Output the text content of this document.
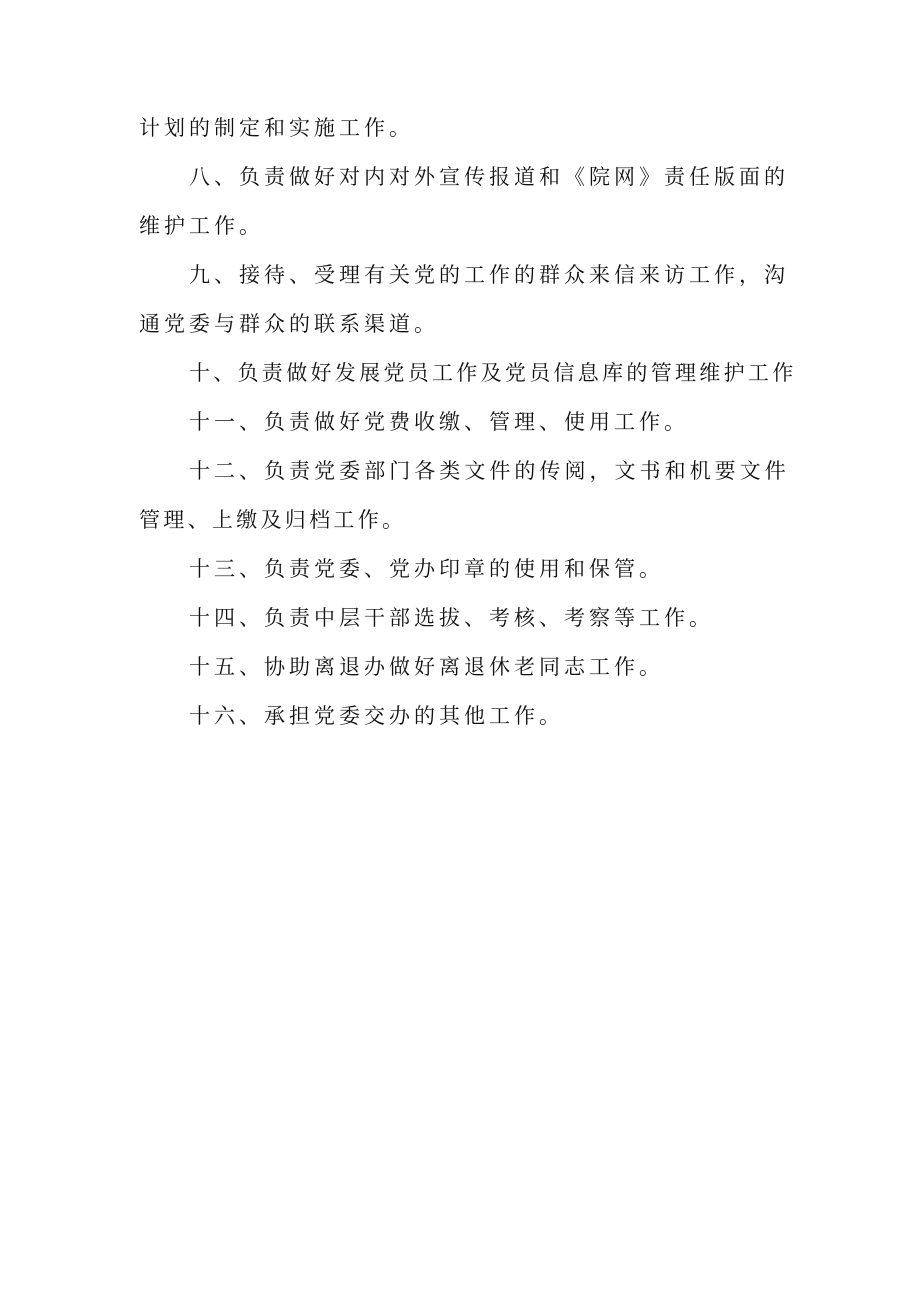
计划的制定和实施工作。

八、负责做好对内对外宣传报道和《院网》责任版面的维护工作。

九、接待、受理有关党的工作的群众来信来访工作，沟通党委与群众的联系渠道。

十、负责做好发展党员工作及党员信息库的管理维护工作

十一、负责做好党费收缴、管理、使用工作。

十二、负责党委部门各类文件的传阅，文书和机要文件管理、上缴及归档工作。

十三、负责党委、党办印章的使用和保管。

十四、负责中层干部选拔、考核、考察等工作。

十五、协助离退办做好离退休老同志工作。

十六、承担党委交办的其他工作。
